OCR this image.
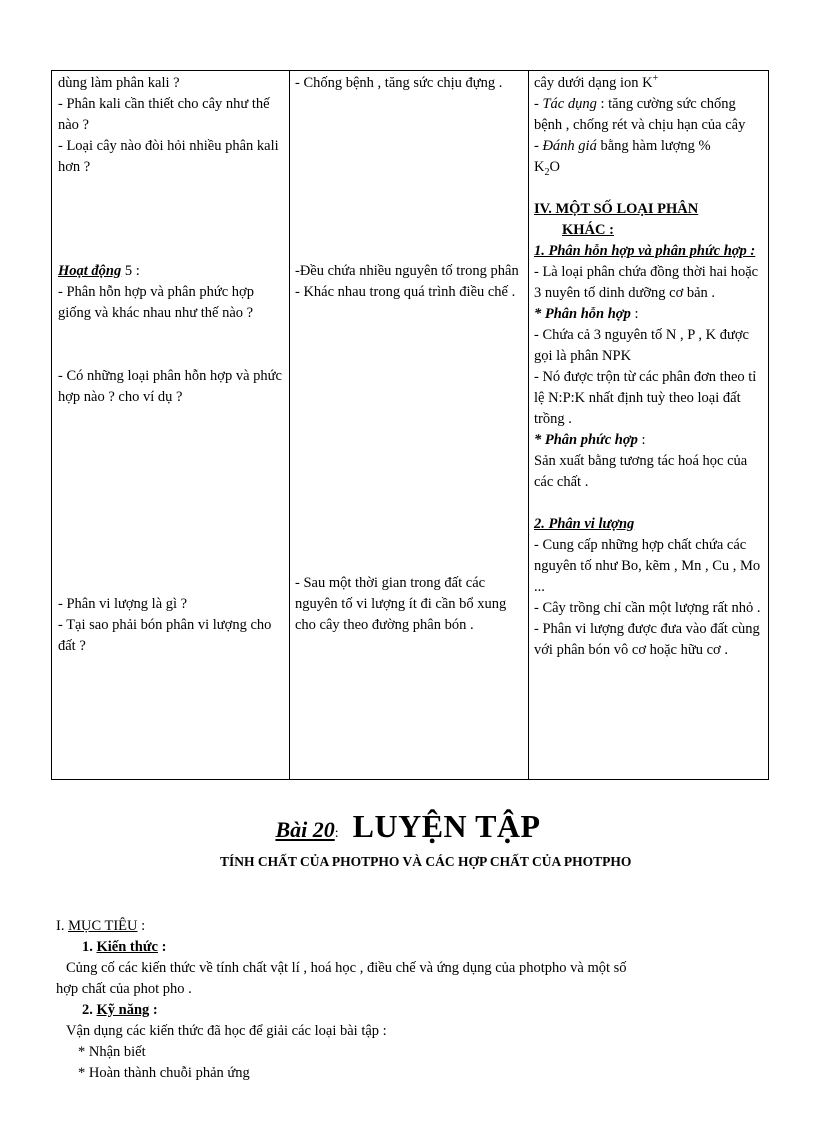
dùng làm phân kali ?

- Phân kali cần thiết cho cây như thế nào ?

- Loại cây nào đòi hỏi nhiều phân kali hơn ?

Hoạt động 5 :

- Phân hỗn hợp và phân phức hợp giống và khác nhau như thế nào ?

- Có những loại phân hỗn hợp và phức hợp nào ? cho ví dụ ?

- Phân vi lượng là gì ?

- Tại sao phải bón phân vi lượng cho đất ?

- Chống bệnh , tăng sức chịu đựng .

-Đều chứa nhiều nguyên tố trong phân

- Khác nhau trong quá trình điều chế .

- Sau một thời gian trong đất các nguyên tố vi lượng ít đi cần bổ xung cho cây theo đường phân bón .

cây dưới dạng ion K+

- Tác dụng : tăng cường sức chống bệnh , chống rét và chịu hạn của cây

- Đánh giá bằng hàm lượng %

$K_2O$

IV. MỘT SỐ LOẠI PHÂN

KHÁC :

1. Phân hỗn hợp và phân phức hợp :

- Là loại phân chứa đồng thời hai hoặc 3 nuyên tố dinh dưỡng cơ bản .

* Phân hỗn hợp :

- Chứa cả 3 nguyên tố N , P , K được gọi là phân NPK

- Nó được trộn từ các phân đơn theo tỉ lệ N:P:K nhất định tuỳ theo loại đất trồng .

* Phân phức hợp :

Sản xuất bằng tương tác hoá học của các chất .

2. Phân vi lượng

- Cung cấp những hợp chất chứa các nguyên tố như Bo, kẽm , Mn , Cu , Mo ...

- Cây trồng chỉ cần một lượng rất nhỏ .

- Phân vi lượng được đưa vào đất cùng với phân bón vô cơ hoặc hữu cơ .

Bài 20: LUYỆN TẬP
TÍNH CHẤT CỦA PHOTPHO VÀ CÁC HỢP CHẤT CỦA PHOTPHO

I. MỤC TIÊU :

1. Kiến thức :

Củng cố các kiến thức về tính chất vật lí , hoá học , điều chế và ứng dụng của photpho và một số

hợp chất của phot pho .

2. Kỹ năng :

Vận dụng các kiến thức đã học để giải các loại bài tập :

* Nhận biết

* Hoàn thành chuỗi phản ứng
